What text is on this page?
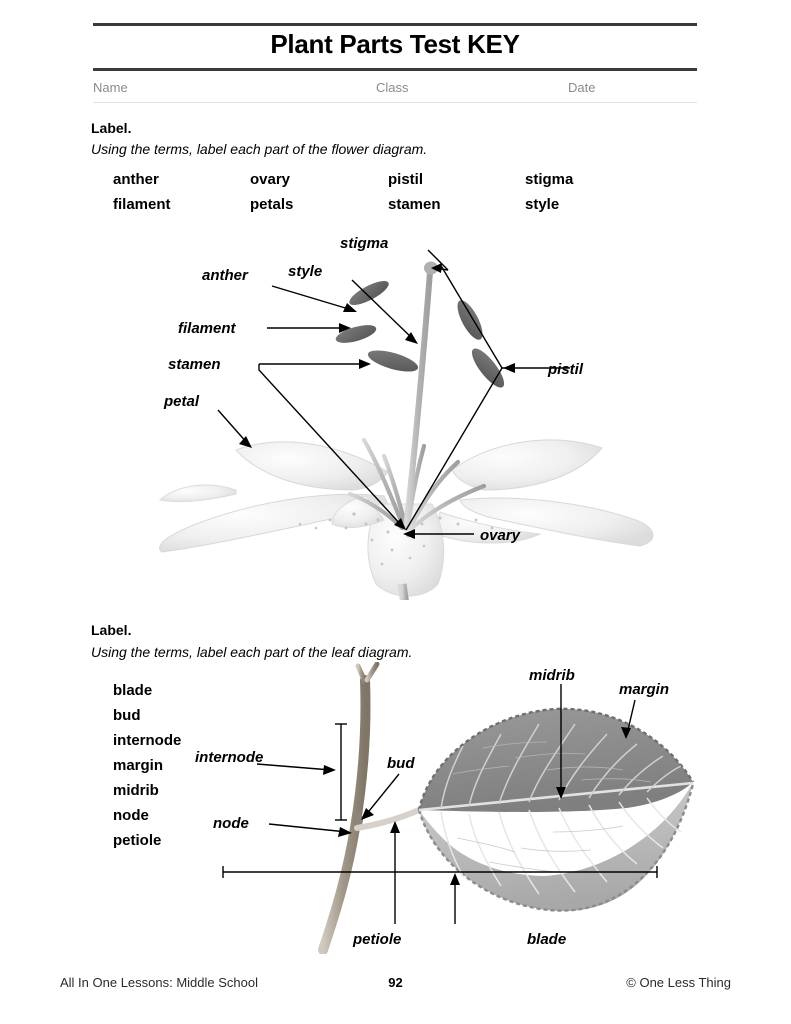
Plant Parts Test KEY
Name	Class	Date
Label.
Using the terms, label each part of the flower diagram.
anther	ovary	pistil	stigma
filament	petals	stamen	style
stigma
style
anther
filament
stamen	pistil
petal
ovary
Label.
Using the terms, label each part of the leaf diagram.
blade
bud
internode
margin
midrib
node
petiole
internode	bud
node
petiole
midrib
margin
blade
All In One Lessons: Middle School	92	© One Less Thing
